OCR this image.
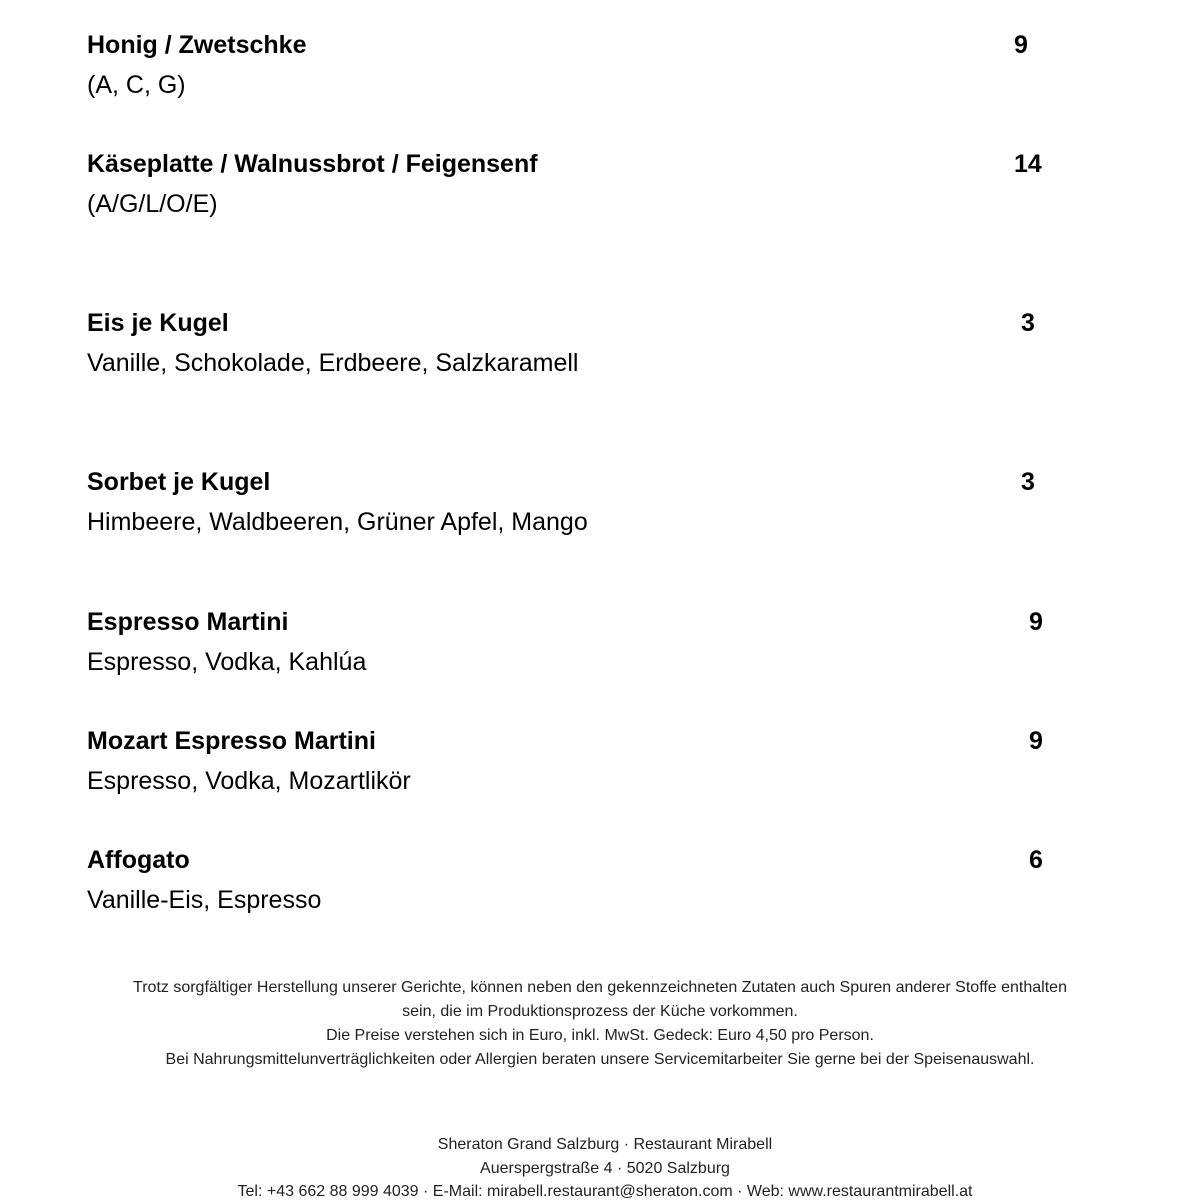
Honig / Zwetschke	9
(A, C, G)
Käseplatte / Walnussbrot / Feigensenf	14
(A/G/L/O/E)
Eis je Kugel	3
Vanille, Schokolade, Erdbeere, Salzkaramell
Sorbet je Kugel	3
Himbeere, Waldbeeren, Grüner Apfel, Mango
Espresso Martini	9
Espresso, Vodka, Kahlúa
Mozart Espresso Martini	9
Espresso, Vodka, Mozartlikör
Affogato	6
Vanille-Eis, Espresso
Trotz sorgfältiger Herstellung unserer Gerichte, können neben den gekennzeichneten Zutaten auch Spuren anderer Stoffe enthalten
sein, die im Produktionsprozess der Küche vorkommen.
Die Preise verstehen sich in Euro, inkl. MwSt. Gedeck: Euro 4,50 pro Person.
Bei Nahrungsmittelunverträglichkeiten oder Allergien beraten unsere Servicemitarbeiter Sie gerne bei der Speisenauswahl.
Sheraton Grand Salzburg · Restaurant Mirabell
Auerspergstraße 4 · 5020 Salzburg
Tel: +43 662 88 999 4039 · E-Mail: mirabell.restaurant@sheraton.com · Web: www.restaurantmirabell.at
